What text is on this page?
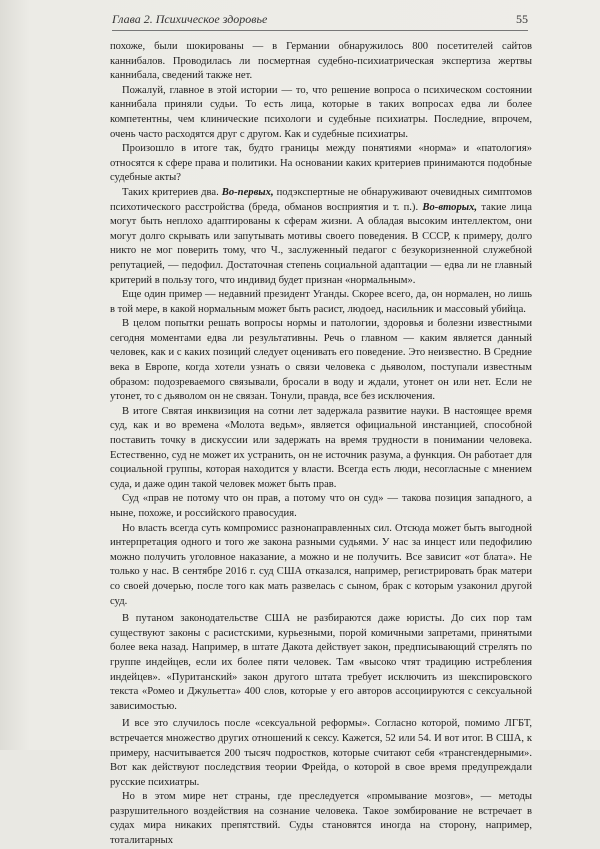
Глава 2. Психическое здоровье	55

похоже, были шокированы — в Германии обнаружилось 800 посетителей сайтов каннибалов. Проводилась ли посмертная судебно-психиатрическая экспертиза жертвы каннибала, сведений также нет.

Пожалуй, главное в этой истории — то, что решение вопроса о психическом состоянии каннибала приняли судьи. То есть лица, которые в таких вопросах едва ли более компетентны, чем клинические психологи и судебные психиатры. Последние, впрочем, очень часто расходятся друг с другом. Как и судебные психиатры.

Произошло в итоге так, будто границы между понятиями «норма» и «патология» относятся к сфере права и политики. На основании каких критериев принимаются подобные судебные акты?

Таких критериев два. Во-первых, подэкспертные не обнаруживают очевидных симптомов психотического расстройства (бреда, обманов восприятия и т. п.). Во-вторых, такие лица могут быть неплохо адаптированы к сферам жизни. А обладая высоким интеллектом, они могут долго скрывать или запутывать мотивы своего поведения. В СССР, к примеру, долго никто не мог поверить тому, что Ч., заслуженный педагог с безукоризненной служебной репутацией, — педофил. Достаточная степень социальной адаптации — едва ли не главный критерий в пользу того, что индивид будет признан «нормальным».

Еще один пример — недавний президент Уганды. Скорее всего, да, он нормален, но лишь в той мере, в какой нормальным может быть расист, людоед, насильник и массовый убийца.

В целом попытки решать вопросы нормы и патологии, здоровья и болезни известными сегодня моментами едва ли результативны. Речь о главном — каким является данный человек, как и с каких позиций следует оценивать его поведение. Это неизвестно. В Средние века в Европе, когда хотели узнать о связи человека с дьяволом, поступали известным образом: подозреваемого связывали, бросали в воду и ждали, утонет он или нет. Если не утонет, то с дьяволом он не связан. Тонули, правда, все без исключения.

В итоге Святая инквизиция на сотни лет задержала развитие науки. В настоящее время суд, как и во времена «Молота ведьм», является официальной инстанцией, способной поставить точку в дискуссии или задержать на время трудности в понимании человека. Естественно, суд не может их устранить, он не источник разума, а функция. Он работает для социальной группы, которая находится у власти. Всегда есть люди, несогласные с мнением суда, и даже один такой человек может быть прав.

Суд «прав не потому что он прав, а потому что он суд» — такова позиция западного, а ныне, похоже, и российского правосудия.

Но власть всегда суть компромисс разнонаправленных сил. Отсюда может быть выгодной интерпретация одного и того же закона разными судьями. У нас за инцест или педофилию можно получить уголовное наказание, а можно и не получить. Все зависит «от блата». Не только у нас. В сентябре 2016 г. суд США отказался, например, регистрировать брак матери со своей дочерью, после того как мать развелась с сыном, брак с которым узаконил другой суд.

В путаном законодательстве США не разбираются даже юристы. До сих пор там существуют законы с расистскими, курьезными, порой комичными запретами, принятыми более века назад. Например, в штате Дакота действует закон, предписывающий стрелять по группе индейцев, если их более пяти человек. Там «высоко чтят традицию истребления индейцев». «Пуританский» закон другого штата требует исключить из шекспировского текста «Ромео и Джульетта» 400 слов, которые у его авторов ассоциируются с сексуальной зависимостью.

И все это случилось после «сексуальной реформы». Согласно которой, помимо ЛГБТ, встречается множество других отношений к сексу. Кажется, 52 или 54. И вот итог. В США, к примеру, насчитывается 200 тысяч подростков, которые считают себя «трансгендерными». Вот как действуют последствия теории Фрейда, о которой в свое время предупреждали русские психиатры.

Но в этом мире нет страны, где преследуется «промывание мозгов», — методы разрушительного воздействия на сознание человека. Такое зомбирование не встречает в судах мира никаких препятствий. Суды становятся иногда на сторону, например, тоталитарных
